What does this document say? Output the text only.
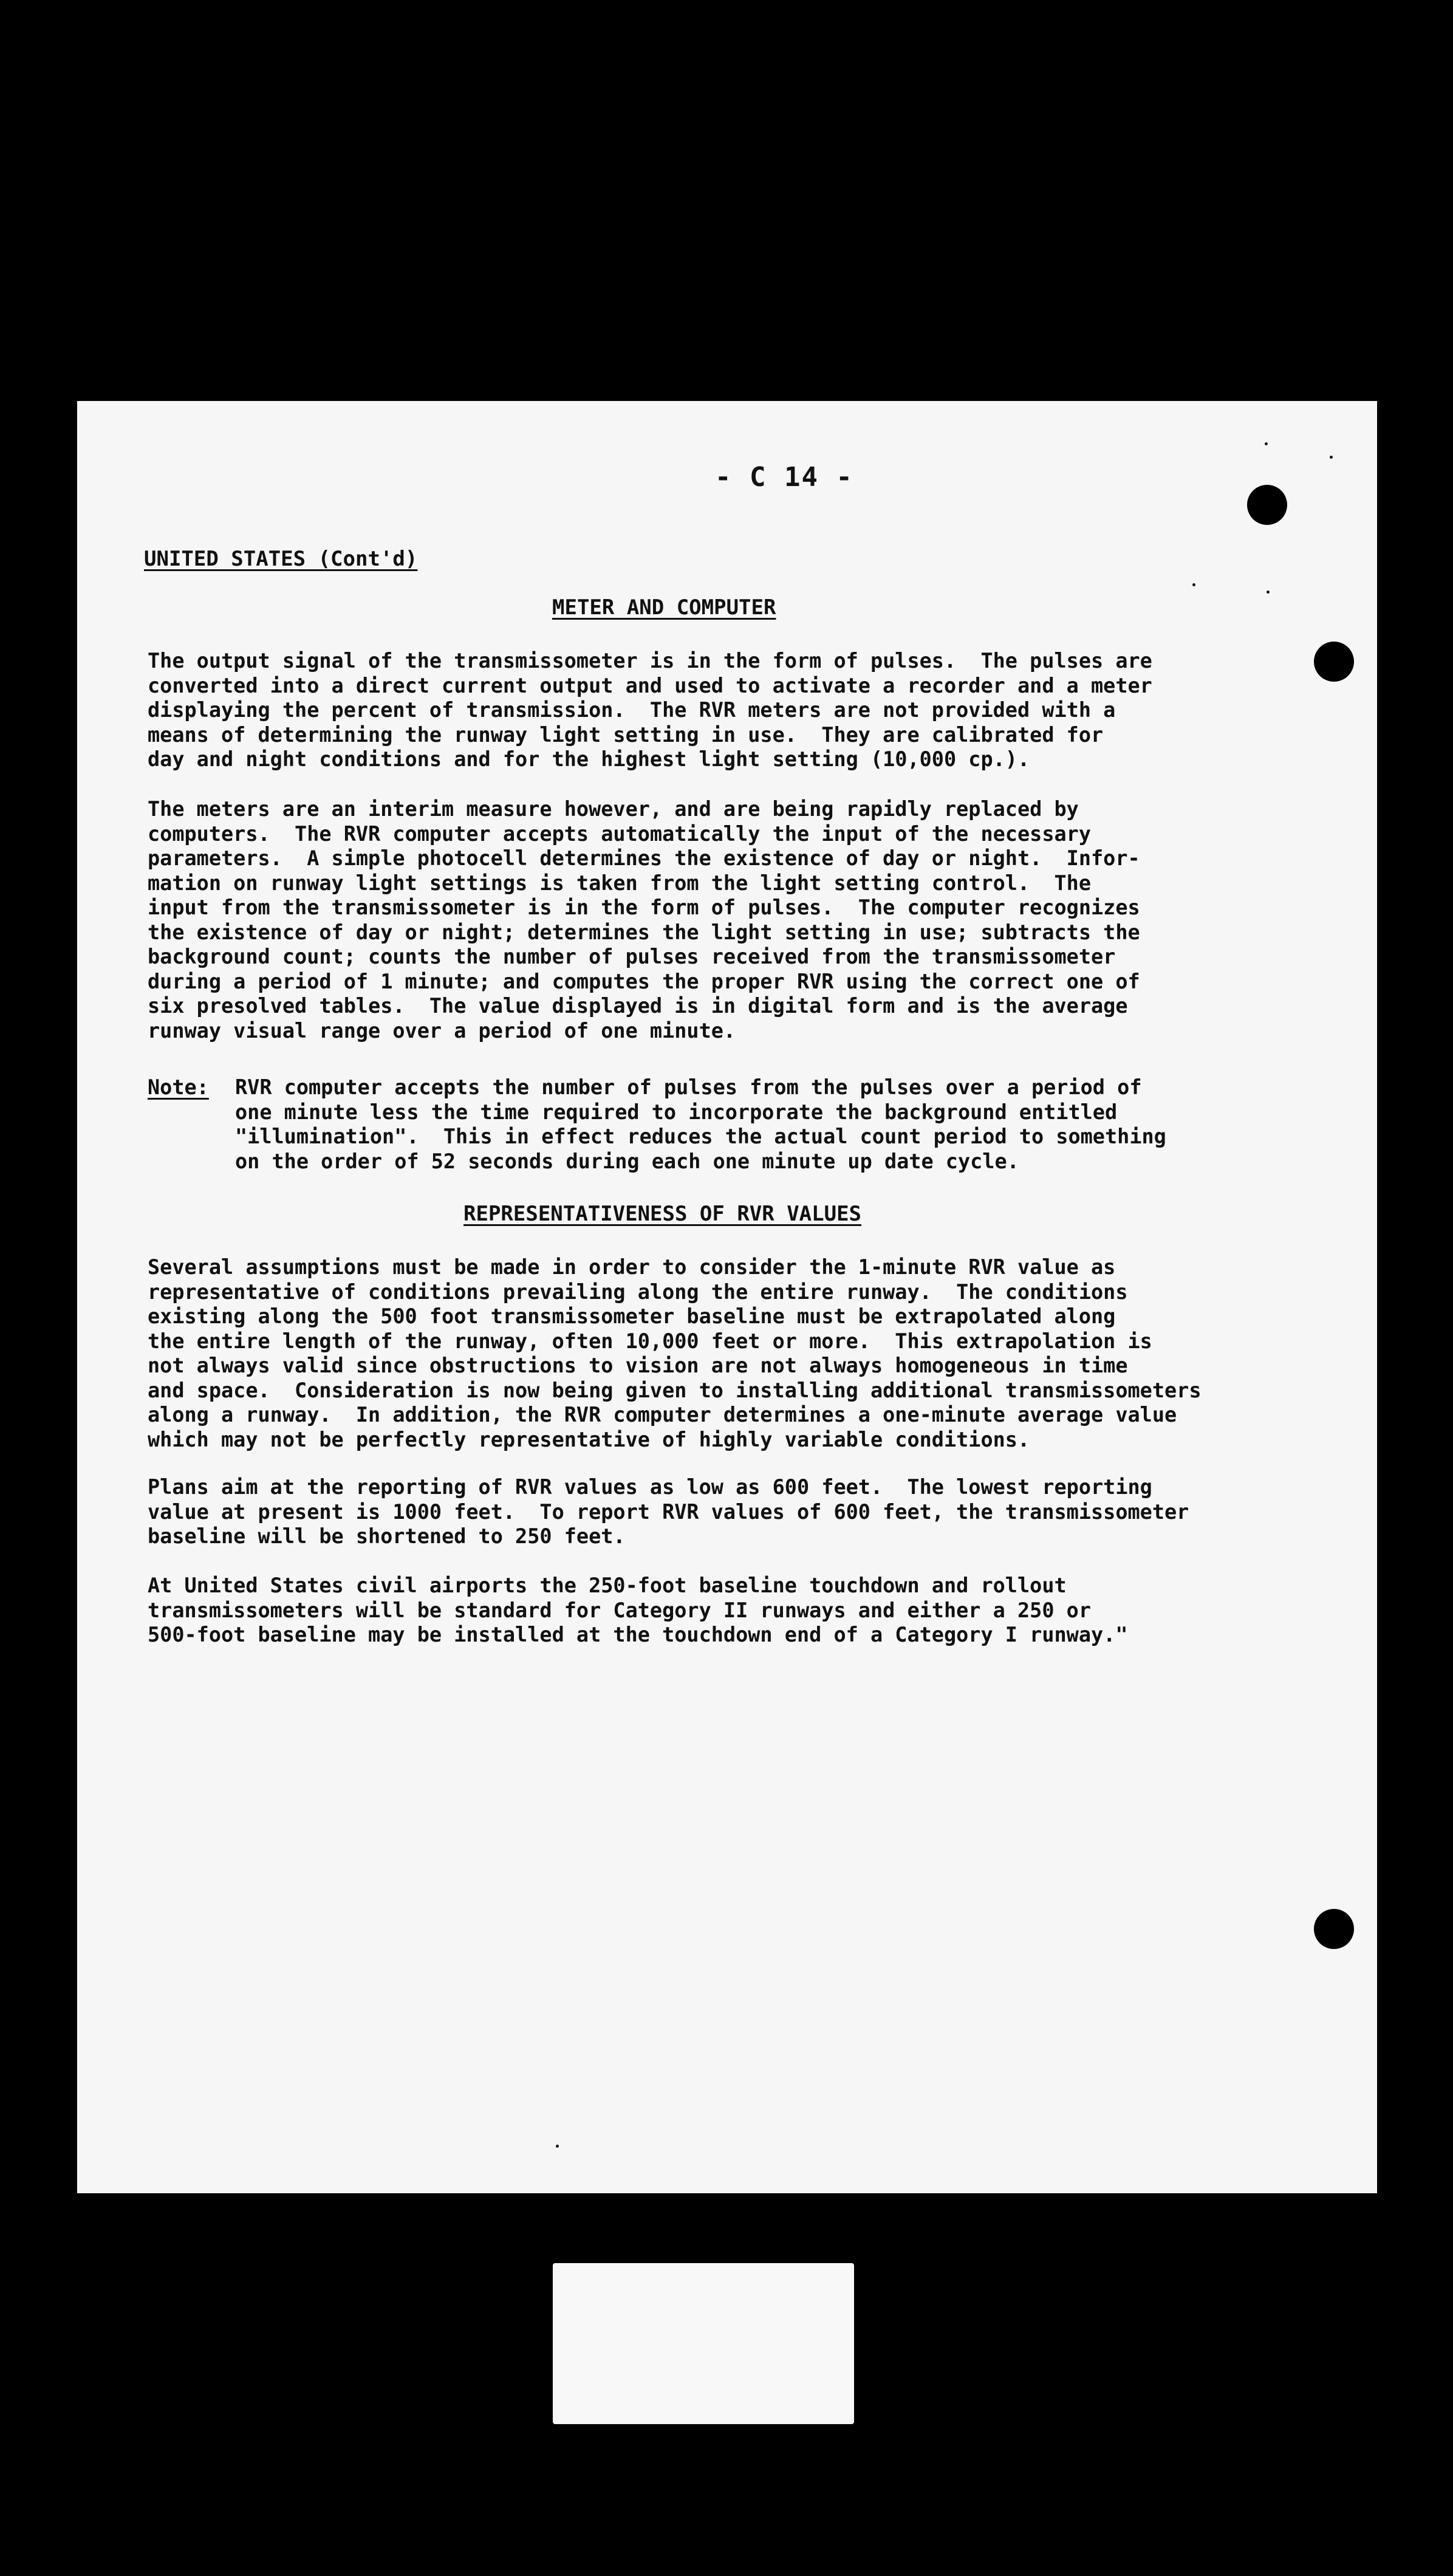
- C 14 -
UNITED STATES (Cont'd)
METER AND COMPUTER
The output signal of the transmissometer is in the form of pulses.  The pulses are
converted into a direct current output and used to activate a recorder and a meter
displaying the percent of transmission.  The RVR meters are not provided with a
means of determining the runway light setting in use.  They are calibrated for
day and night conditions and for the highest light setting (10,000 cp.).
The meters are an interim measure however, and are being rapidly replaced by
computers.  The RVR computer accepts automatically the input of the necessary
parameters.  A simple photocell determines the existence of day or night.  Infor-
mation on runway light settings is taken from the light setting control.  The
input from the transmissometer is in the form of pulses.  The computer recognizes
the existence of day or night; determines the light setting in use; subtracts the
background count; counts the number of pulses received from the transmissometer
during a period of 1 minute; and computes the proper RVR using the correct one of
six presolved tables.  The value displayed is in digital form and is the average
runway visual range over a period of one minute.
Note: RVR computer accepts the number of pulses from the pulses over a period of
one minute less the time required to incorporate the background entitled
"illumination".  This in effect reduces the actual count period to something
on the order of 52 seconds during each one minute up date cycle.
REPRESENTATIVENESS OF RVR VALUES
Several assumptions must be made in order to consider the 1-minute RVR value as
representative of conditions prevailing along the entire runway.  The conditions
existing along the 500 foot transmissometer baseline must be extrapolated along
the entire length of the runway, often 10,000 feet or more.  This extrapolation is
not always valid since obstructions to vision are not always homogeneous in time
and space.  Consideration is now being given to installing additional transmissometers
along a runway.  In addition, the RVR computer determines a one-minute average value
which may not be perfectly representative of highly variable conditions.
Plans aim at the reporting of RVR values as low as 600 feet.  The lowest reporting
value at present is 1000 feet.  To report RVR values of 600 feet, the transmissometer
baseline will be shortened to 250 feet.
At United States civil airports the 250-foot baseline touchdown and rollout
transmissometers will be standard for Category II runways and either a 250 or
500-foot baseline may be installed at the touchdown end of a Category I runway."
